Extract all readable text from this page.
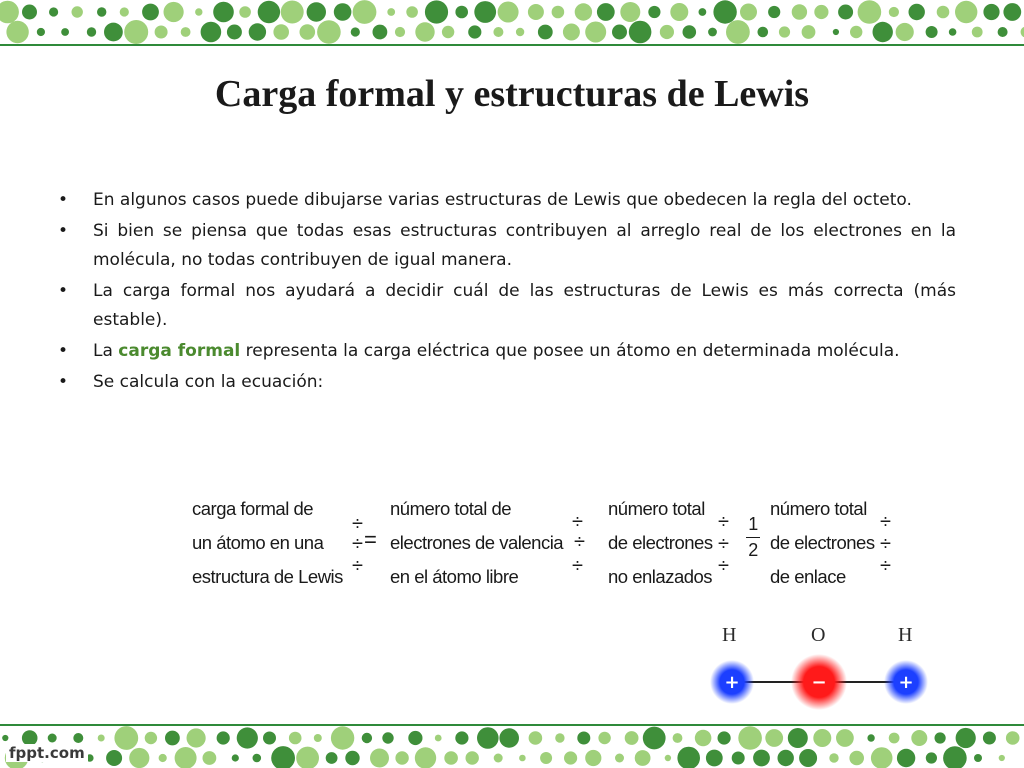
Carga formal y estructuras de Lewis
• En algunos casos puede dibujarse varias estructuras de Lewis que obedecen la regla del octeto.
• Si bien se piensa que todas esas estructuras contribuyen al arreglo real de los electrones en la molécula, no todas contribuyen de igual manera.
• La carga formal nos ayudará a decidir cuál de las estructuras de Lewis es más correcta (más estable).
• La carga formal representa la carga eléctrica que posee un átomo en determinada molécula.
• Se calcula con la ecuación:
carga formal de
un átomo en una
estructura de Lewis
÷
÷
÷
=
número total de
electrones de valencia
en el átomo libre
÷
÷
÷
número total
de electrones
no enlazados
÷
÷
÷
1
2
número total
de electrones
de enlace
÷
÷
÷
H	O	H
+	−	+
fppt.com
